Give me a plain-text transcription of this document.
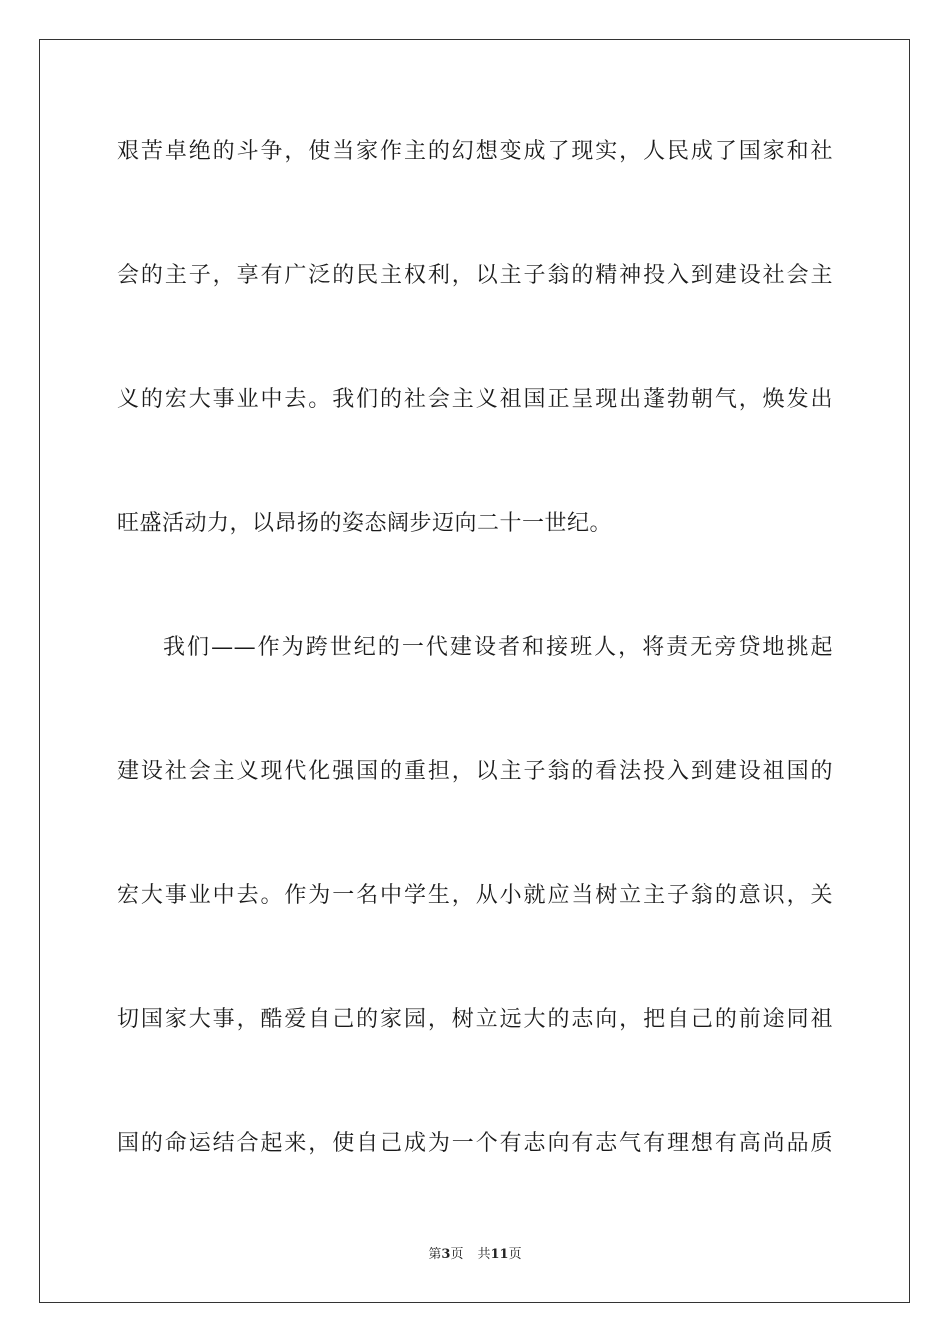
艰苦卓绝的斗争，使当家作主的幻想变成了现实，人民成了国家和社
会的主子，享有广泛的民主权利，以主子翁的精神投入到建设社会主
义的宏大事业中去。我们的社会主义祖国正呈现出蓬勃朝气，焕发出
旺盛活动力，以昂扬的姿态阔步迈向二十一世纪。
我们——作为跨世纪的一代建设者和接班人，将责无旁贷地挑起
建设社会主义现代化强国的重担，以主子翁的看法投入到建设祖国的
宏大事业中去。作为一名中学生，从小就应当树立主子翁的意识，关
切国家大事，酷爱自己的家园，树立远大的志向，把自己的前途同祖
国的命运结合起来，使自己成为一个有志向有志气有理想有高尚品质
第3页 共11页
